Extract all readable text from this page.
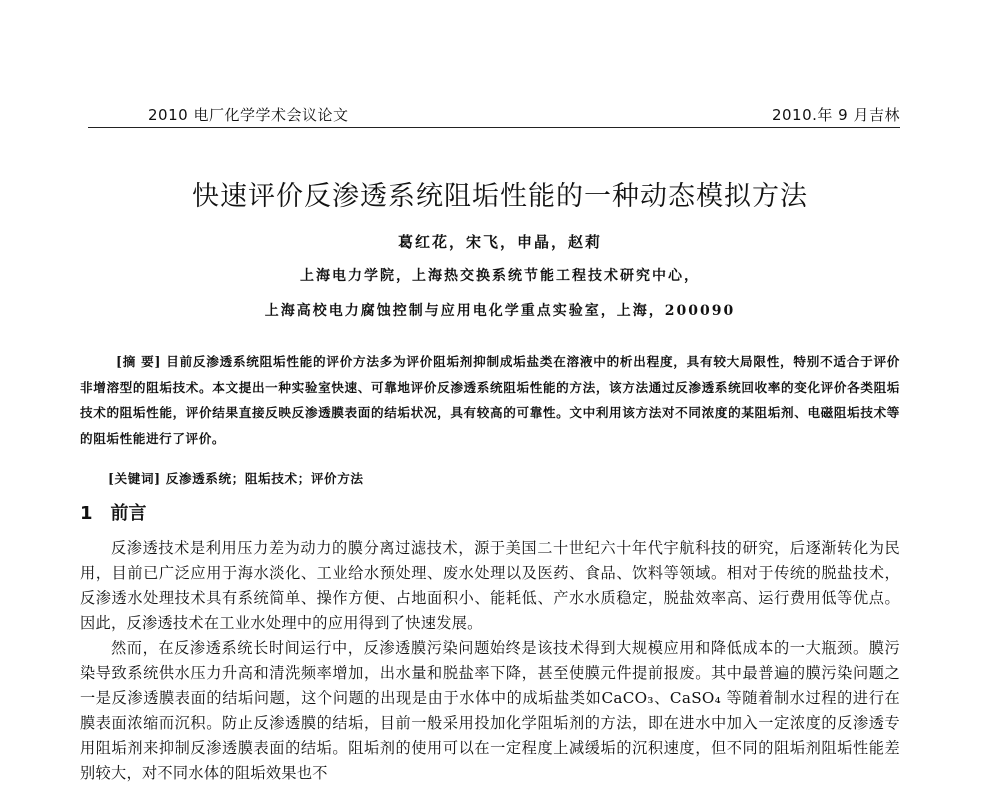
2010 电厂化学学术会议论文	2010.年 9 月吉林
快速评价反渗透系统阻垢性能的一种动态模拟方法
葛红花，宋飞，申晶，赵莉
上海电力学院，上海热交换系统节能工程技术研究中心，
上海高校电力腐蚀控制与应用电化学重点实验室，上海，200090
[摘 要] 目前反渗透系统阻垢性能的评价方法多为评价阻垢剂抑制成垢盐类在溶液中的析出程度，具有较大局限性，特别不适合于评价非增溶型的阻垢技术。本文提出一种实验室快速、可靠地评价反渗透系统阻垢性能的方法，该方法通过反渗透系统回收率的变化评价各类阻垢技术的阻垢性能，评价结果直接反映反渗透膜表面的结垢状况，具有较高的可靠性。文中利用该方法对不同浓度的某阻垢剂、电磁阻垢技术等的阻垢性能进行了评价。
[关键词] 反渗透系统；阻垢技术；评价方法
1 前言

反渗透技术是利用压力差为动力的膜分离过滤技术，源于美国二十世纪六十年代宇航科技的研究，后逐渐转化为民用，目前已广泛应用于海水淡化、工业给水预处理、废水处理以及医药、食品、饮料等领域。相对于传统的脱盐技术，反渗透水处理技术具有系统简单、操作方便、占地面积小、能耗低、产水水质稳定，脱盐效率高、运行费用低等优点。因此，反渗透技术在工业水处理中的应用得到了快速发展。

然而，在反渗透系统长时间运行中，反渗透膜污染问题始终是该技术得到大规模应用和降低成本的一大瓶颈。膜污染导致系统供水压力升高和清洗频率增加，出水量和脱盐率下降，甚至使膜元件提前报废。其中最普遍的膜污染问题之一是反渗透膜表面的结垢问题，这个问题的出现是由于水体中的成垢盐类如CaCO₃、CaSO₄ 等随着制水过程的进行在膜表面浓缩而沉积。防止反渗透膜的结垢，目前一般采用投加化学阻垢剂的方法，即在进水中加入一定浓度的反渗透专用阻垢剂来抑制反渗透膜表面的结垢。阻垢剂的使用可以在一定程度上减缓垢的沉积速度，但不同的阻垢剂阻垢性能差别较大，对不同水体的阻垢效果也不
